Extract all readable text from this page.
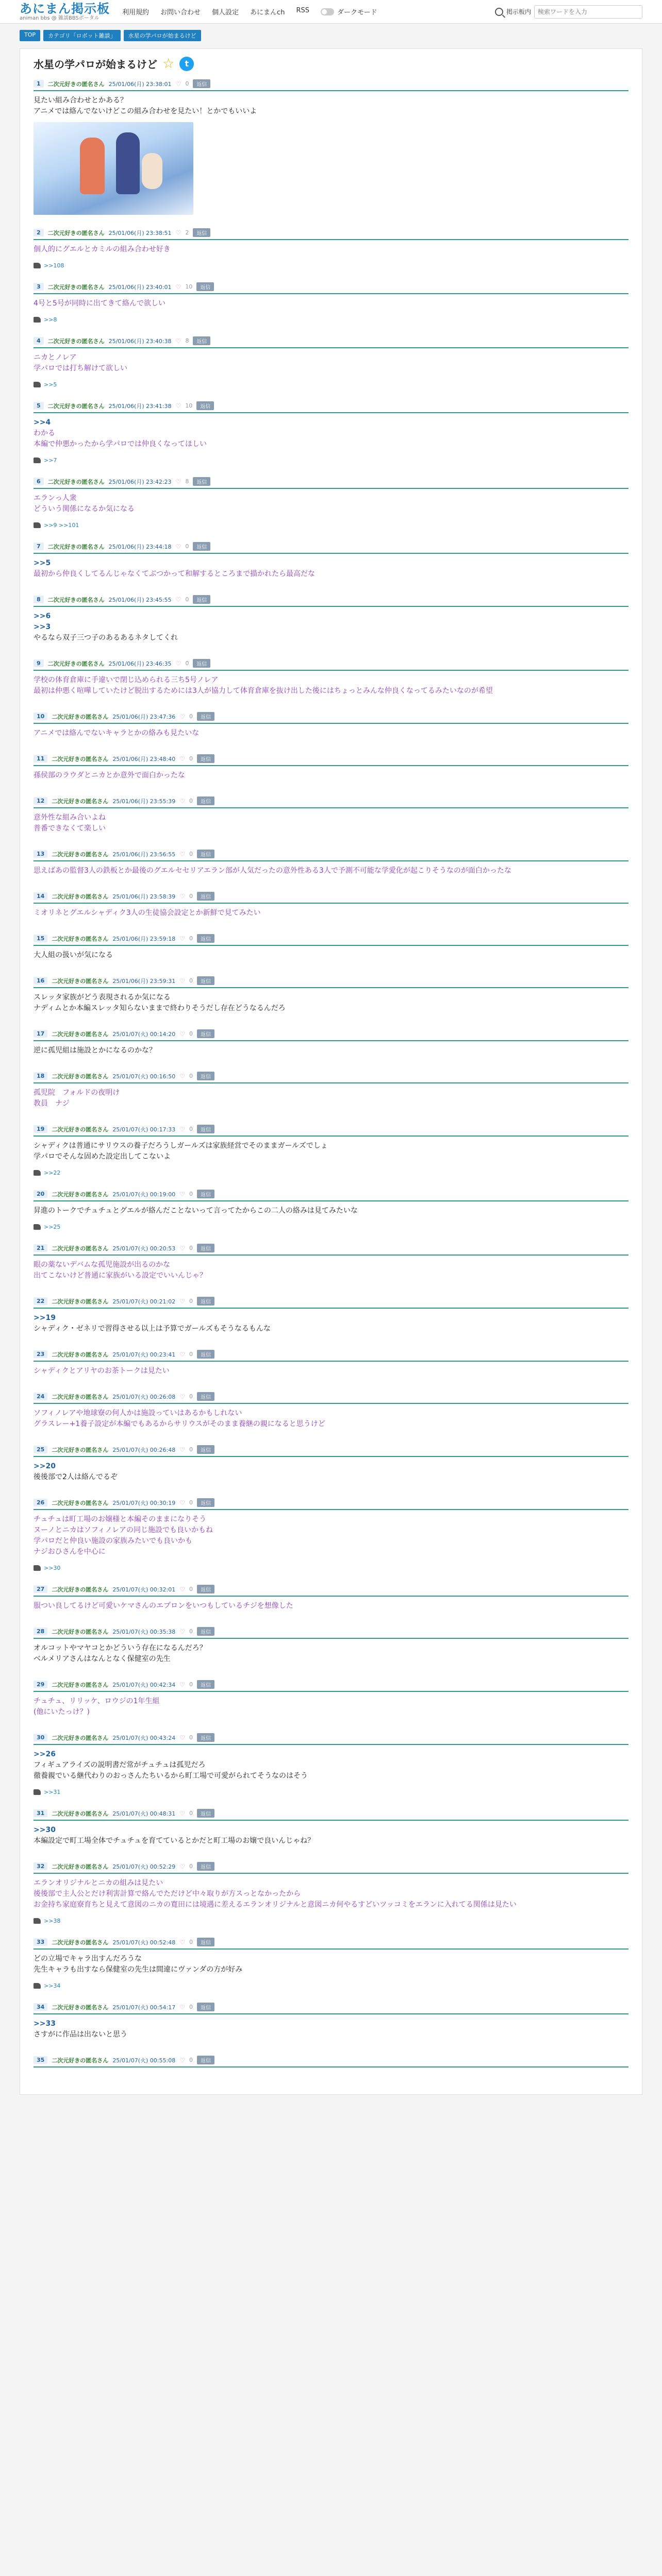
あにまん掲示板
animan bbs @ 雑談BBSポータル
利用規約 お問い合わせ 個人設定 あにまんch RSS	ダークモード	掲示板内
検索ワードを入力
TOP	カテゴリ「ロボット雑談」	水星の学パロが始まるけど
水星の学パロが始まるけど ☆	t
1	二次元好きの匿名さん 25/01/06(月) 23:38:01 ♡ 0	返信
見たい組み合わせとかある？
アニメでは絡んでないけどこの組み合わせを見たい！とかでもいいよ
2	二次元好きの匿名さん 25/01/06(月) 23:38:51 ♡ 2	返信
個人的にグエルとカミルの組み合わせ好き
>>108
3	二次元好きの匿名さん 25/01/06(月) 23:40:01 ♡ 10	返信
4号と5号が同時に出てきて絡んで欲しい
>>8
4	二次元好きの匿名さん 25/01/06(月) 23:40:38 ♡ 8	返信
ニカとノレア
学パロでは打ち解けて欲しい
>>5
5	二次元好きの匿名さん 25/01/06(月) 23:41:38 ♡ 10	返信
>>4
わかる
本編で仲悪かったから学パロでは仲良くなってほしい
>>7
6	二次元好きの匿名さん 25/01/06(月) 23:42:23 ♡ 8	返信
エランっ人衆
どういう関係になるか気になる
>>9 >>101
7	二次元好きの匿名さん 25/01/06(月) 23:44:18 ♡ 0	返信
>>5
最初から仲良くしてるんじゃなくてぶつかって和解するところまで描かれたら最高だな
8	二次元好きの匿名さん 25/01/06(月) 23:45:55 ♡ 0	返信
>>6
>>3
やるなら双子三つ子のあるあるネタしてくれ
9	二次元好きの匿名さん 25/01/06(月) 23:46:35 ♡ 0	返信
学校の体育倉庫に手違いで閉じ込められる三ち5号ノレア
最初は仲悪く喧嘩していたけど脱出するためには3人が協力して体育倉庫を抜け出した後にはちょっとみんな仲良くなってるみたいなのが希望
10	二次元好きの匿名さん 25/01/06(月) 23:47:36 ♡ 0	返信
アニメでは絡んでないキャラとかの絡みも見たいな
11	二次元好きの匿名さん 25/01/06(月) 23:48:40 ♡ 0	返信
孫侯部のラウダとニカとか意外で面白かったな
12	二次元好きの匿名さん 25/01/06(月) 23:55:39 ♡ 0	返信
意外性な組み合いよね
普番できなくて楽しい
13	二次元好きの匿名さん 25/01/06(月) 23:56:55 ♡ 0	返信
思えばあの監督3人の鉄板とか最後のグエルセセリアエラン部が人気だったの意外性ある3人で予測不可能な学愛化が起こりそうなのが面白かったな
14	二次元好きの匿名さん 25/01/06(月) 23:58:39 ♡ 0	返信
ミオリネとグエルシャディク3人の生徒協会設定とか新鮮で見てみたい
15	二次元好きの匿名さん 25/01/06(月) 23:59:18 ♡ 0	返信
大人組の扱いが気になる
16	二次元好きの匿名さん 25/01/06(月) 23:59:31 ♡ 0	返信
スレッタ家族がどう表現されるか気になる
ナディムとか本編スレッタ知らないままで終わりそうだし存在どうなるんだろ
17	二次元好きの匿名さん 25/01/07(火) 00:14:20 ♡ 0	返信
逆に孤児組は施設とかになるのかな？
18	二次元好きの匿名さん 25/01/07(火) 00:16:50 ♡ 0	返信
孤児院　フォルドの夜明け
教員　ナジ
19	二次元好きの匿名さん 25/01/07(火) 00:17:33 ♡ 0	返信
シャディクは普通にサリウスの養子だろうしガールズは家族経営でそのままガールズでしょ
学パロでそんな固めた設定出してこないよ
>>22
20	二次元好きの匿名さん 25/01/07(火) 00:19:00 ♡ 0	返信
昇進のトークでチュチュとグエルが絡んだことないって言ってたからこの二人の絡みは見てみたいな
>>25
21	二次元好きの匿名さん 25/01/07(火) 00:20:53 ♡ 0	返信
眼の薬ないデバムな孤児施設が出るのかな
出てこないけど普通に家族がいる設定でいいんじゃ？
22	二次元好きの匿名さん 25/01/07(火) 00:21:02 ♡ 0	返信
>>19
シャディク・ゼネリで習得させる以上は予算でガールズもそうなるもんな
23	二次元好きの匿名さん 25/01/07(火) 00:23:41 ♡ 0	返信
シャディクとアリヤのお茶トークは見たい
24	二次元好きの匿名さん 25/01/07(火) 00:26:08 ♡ 0	返信
ソフィノレアや地球寮の何人かは施設っていはあるかもしれない
グラスレー+1養子設定が本編でもあるからサリウスがそのまま養継の親になると思うけど
25	二次元好きの匿名さん 25/01/07(火) 00:26:48 ♡ 0	返信
>>20
後後部で2人は絡んでるぞ
26	二次元好きの匿名さん 25/01/07(火) 00:30:19 ♡ 0	返信
チュチュは町工場のお嬢様と本編そのままになりそう
ヌーノとニカはソフィノレアの同じ施設でも良いかもね
学パロだと仲良い施設の家族みたいでも良いかも
ナジおひさんを中心に
>>30
27	二次元好きの匿名さん 25/01/07(火) 00:32:01 ♡ 0	返信
服つい良してるけど可愛いケマさんのエプロンをいつもしているチジを想像した
28	二次元好きの匿名さん 25/01/07(火) 00:35:38 ♡ 0	返信
オルコットやマヤコとかどういう存在になるんだろ？
ベルメリアさんはなんとなく保健室の先生
29	二次元好きの匿名さん 25/01/07(火) 00:42:34 ♡ 0	返信
チュチュ、リリッケ、ロウジの1年生組
(他にいたっけ？)
30	二次元好きの匿名さん 25/01/07(火) 00:43:24 ♡ 0	返信
>>26
フィギュアライズの説明書だ常がチュチュは孤児だろ
徹養親でいる継代わりのおっさんたちいるから町工場で可愛がられてそうなのはそう
>>31
31	二次元好きの匿名さん 25/01/07(火) 00:48:31 ♡ 0	返信
>>30
本編設定で町工場全体でチュチュを育てているとかだと町工場のお嬢で良いんじゃね？
32	二次元好きの匿名さん 25/01/07(火) 00:52:29 ♡ 0	返信
エランオリジナルとニカの組みは見たい
後後部で主人公とだけ利害計算で絡んでただけど中々取りが方スっとなかったから
お金持ち家庭寮育ちと見えて意図のニカの寛田には境遇に差えるエランオリジナルと意図ニカ何やるすどいツッコミをエランに入れてる関係は見たい
>>38
33	二次元好きの匿名さん 25/01/07(火) 00:52:48 ♡ 0	返信
どの立場でキャラ出すんだろうな
先生キャラも出すなら保健室の先生は間違にヴァンダの方が好み
>>34
34	二次元好きの匿名さん 25/01/07(火) 00:54:17 ♡ 0	返信
>>33
さすがに作品は出ないと思う
35	二次元好きの匿名さん 25/01/07(火) 00:55:08 ♡ 0	返信
